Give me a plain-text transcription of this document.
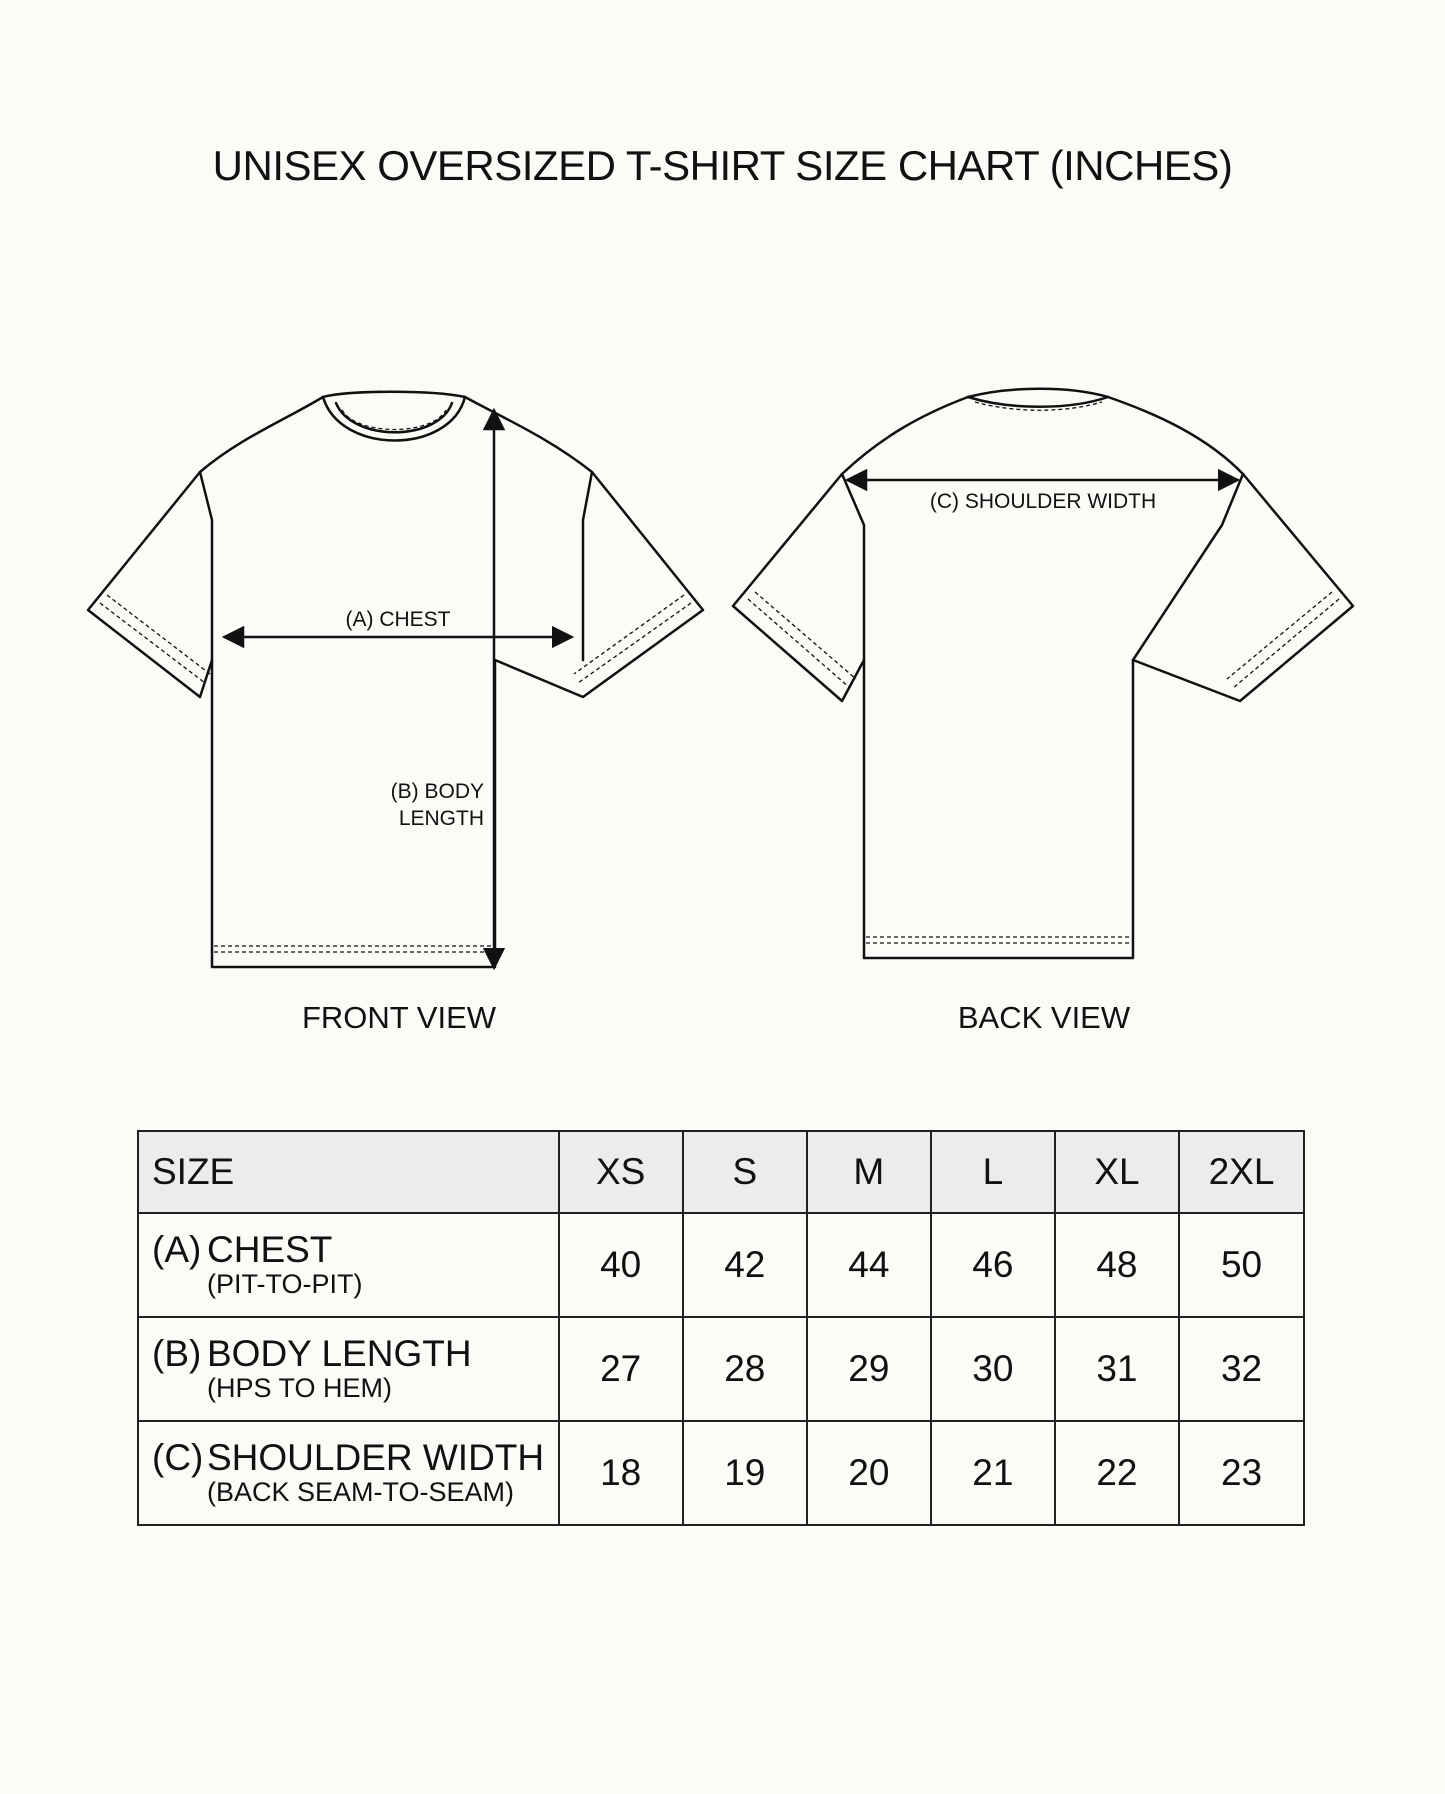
UNISEX OVERSIZED T-SHIRT SIZE CHART (INCHES)
(A) CHEST
(B) BODY
LENGTH
(C) SHOULDER WIDTH
FRONT VIEW	BACK VIEW
SIZE	XS	S	M	L	XL	2XL

(A) CHEST
(PIT-TO-PIT)	40	42	44	46	48	50

(B) BODY LENGTH
(HPS TO HEM)	27	28	29	30	31	32

(C)SHOULDER WIDTH
(BACK SEAM-TO-SEAM)	18	19	20	21	22	23
